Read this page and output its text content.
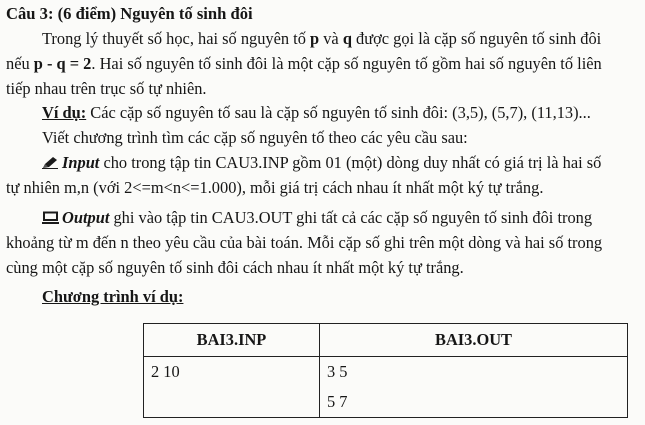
Câu 3: (6 điểm) Nguyên tố sinh đôi
Trong lý thuyết số học, hai số nguyên tố p và q được gọi là cặp số nguyên tố sinh đôi
nếu p - q = 2. Hai số nguyên tố sinh đôi là một cặp số nguyên tố gồm hai số nguyên tố liên
tiếp nhau trên trục số tự nhiên.
Ví dụ: Các cặp số nguyên tố sau là cặp số nguyên tố sinh đôi: (3,5), (5,7), (11,13)...
Viết chương trình tìm các cặp số nguyên tố theo các yêu cầu sau:
Input cho trong tập tin CAU3.INP gồm 01 (một) dòng duy nhất có giá trị là hai số
tự nhiên m,n (với 2<=m<n<=1.000), mỗi giá trị cách nhau ít nhất một ký tự trắng.
Output ghi vào tập tin CAU3.OUT ghi tất cả các cặp số nguyên tố sinh đôi trong
khoảng từ m đến n theo yêu cầu của bài toán. Mỗi cặp số ghi trên một dòng và hai số trong
cùng một cặp số nguyên tố sinh đôi cách nhau ít nhất một ký tự trắng.
Chương trình ví dụ:
BAI3.INP	BAI3.OUT

2 10	3 5
5 7
